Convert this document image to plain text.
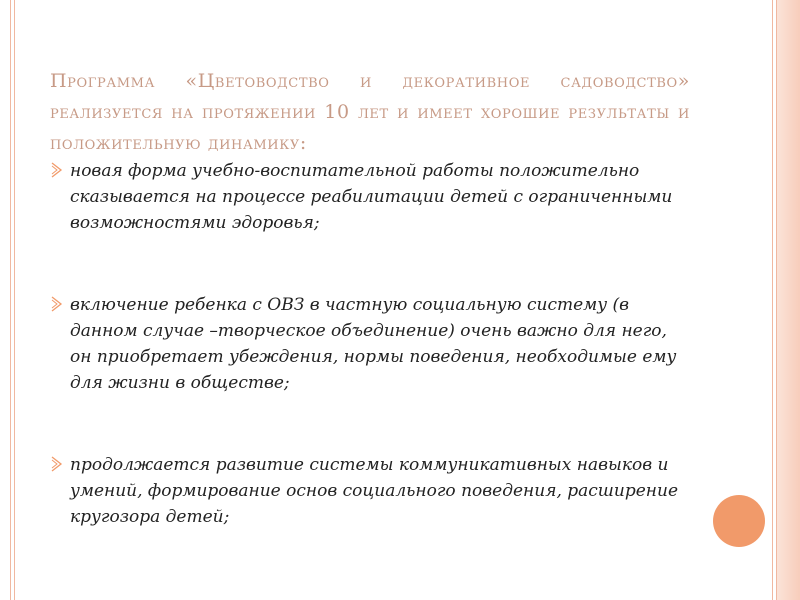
Программа «Цветоводство и декоративное садоводство» реализуется на протяжении 10 лет и имеет хорошие результаты и положительную динамику:
новая форма учебно-воспитательной работы положительно сказывается на процессе реабилитации детей с ограниченными возможностями эдоровья;
включение ребенка с ОВЗ в частную социальную систему (в данном случае –творческое объединение) очень важно для него, он приобретает убеждения, нормы поведения, необходимые ему для жизни в обществе;
продолжается развитие системы коммуникативных навыков и умений, формирование основ социального поведения, расширение кругозора детей;
